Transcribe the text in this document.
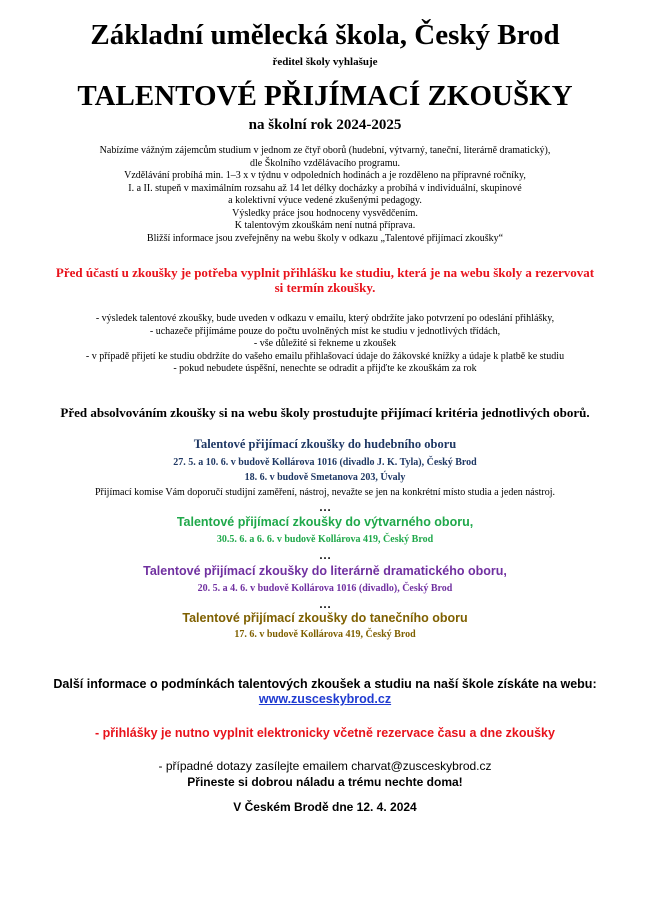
Základní umělecká škola, Český Brod
ředitel školy vyhlašuje
TALENTOVÉ PŘIJÍMACÍ ZKOUŠKY
na školní rok 2024-2025
Nabízíme vážným zájemcům studium v jednom ze čtyř oborů (hudební, výtvarný, taneční, literárně dramatický),
dle Školního vzdělávacího programu.
Vzdělávání probíhá min. 1–3 x v týdnu v odpoledních hodinách a je rozděleno na přípravné ročníky,
I. a II. stupeň v maximálním rozsahu až 14 let délky docházky a probíhá v individuální, skupinové
a kolektivní výuce vedené zkušenými pedagogy.
Výsledky práce jsou hodnoceny vysvědčením.
K talentovým zkouškám není nutná příprava.
Bližší informace jsou zveřejněny na webu školy v odkazu „Talentové přijímací zkoušky“
Před účastí u zkoušky je potřeba vyplnit přihlášku ke studiu, která je na webu školy a rezervovat
si termín zkoušky.
- výsledek talentové zkoušky, bude uveden v odkazu v emailu, který obdržíte jako potvrzení po odeslání přihlášky,
- uchazeče přijímáme pouze do počtu uvolněných míst ke studiu v jednotlivých třídách,
- vše důležité si řekneme u zkoušek
- v případě přijetí ke studiu obdržíte do vašeho emailu přihlašovací údaje do žákovské knížky a údaje k platbě ke studiu
- pokud nebudete úspěšní, nenechte se odradit a přijďte ke zkouškám za rok
Před absolvováním zkoušky si na webu školy prostudujte přijímací kritéria jednotlivých oborů.
Talentové přijímací zkoušky do hudebního oboru
27. 5. a 10. 6. v budově Kollárova 1016 (divadlo J. K. Tyla), Český Brod
18. 6. v budově Smetanova 203, Úvaly
Přijímací komise Vám doporučí studijní zaměření, nástroj, nevažte se jen na konkrétní místo studia a jeden nástroj.
…
Talentové přijímací zkoušky do výtvarného oboru,
30.5. 6. a 6. 6. v budově Kollárova 419, Český Brod
…
Talentové přijímací zkoušky do literárně dramatického oboru,
20. 5. a 4. 6. v budově Kollárova 1016 (divadlo), Český Brod
…
Talentové přijímací zkoušky do tanečního oboru
17. 6. v budově Kollárova 419, Český Brod
Další informace o podmínkách talentových zkoušek a studiu na naší škole získáte na webu:
www.zusceskybrod.cz
- přihlášky je nutno vyplnit elektronicky včetně rezervace času a dne zkoušky
- případné dotazy zasílejte emailem charvat@zusceskybrod.cz
Přineste si dobrou náladu a trému nechte doma!
V Českém Brodě dne 12. 4. 2024
